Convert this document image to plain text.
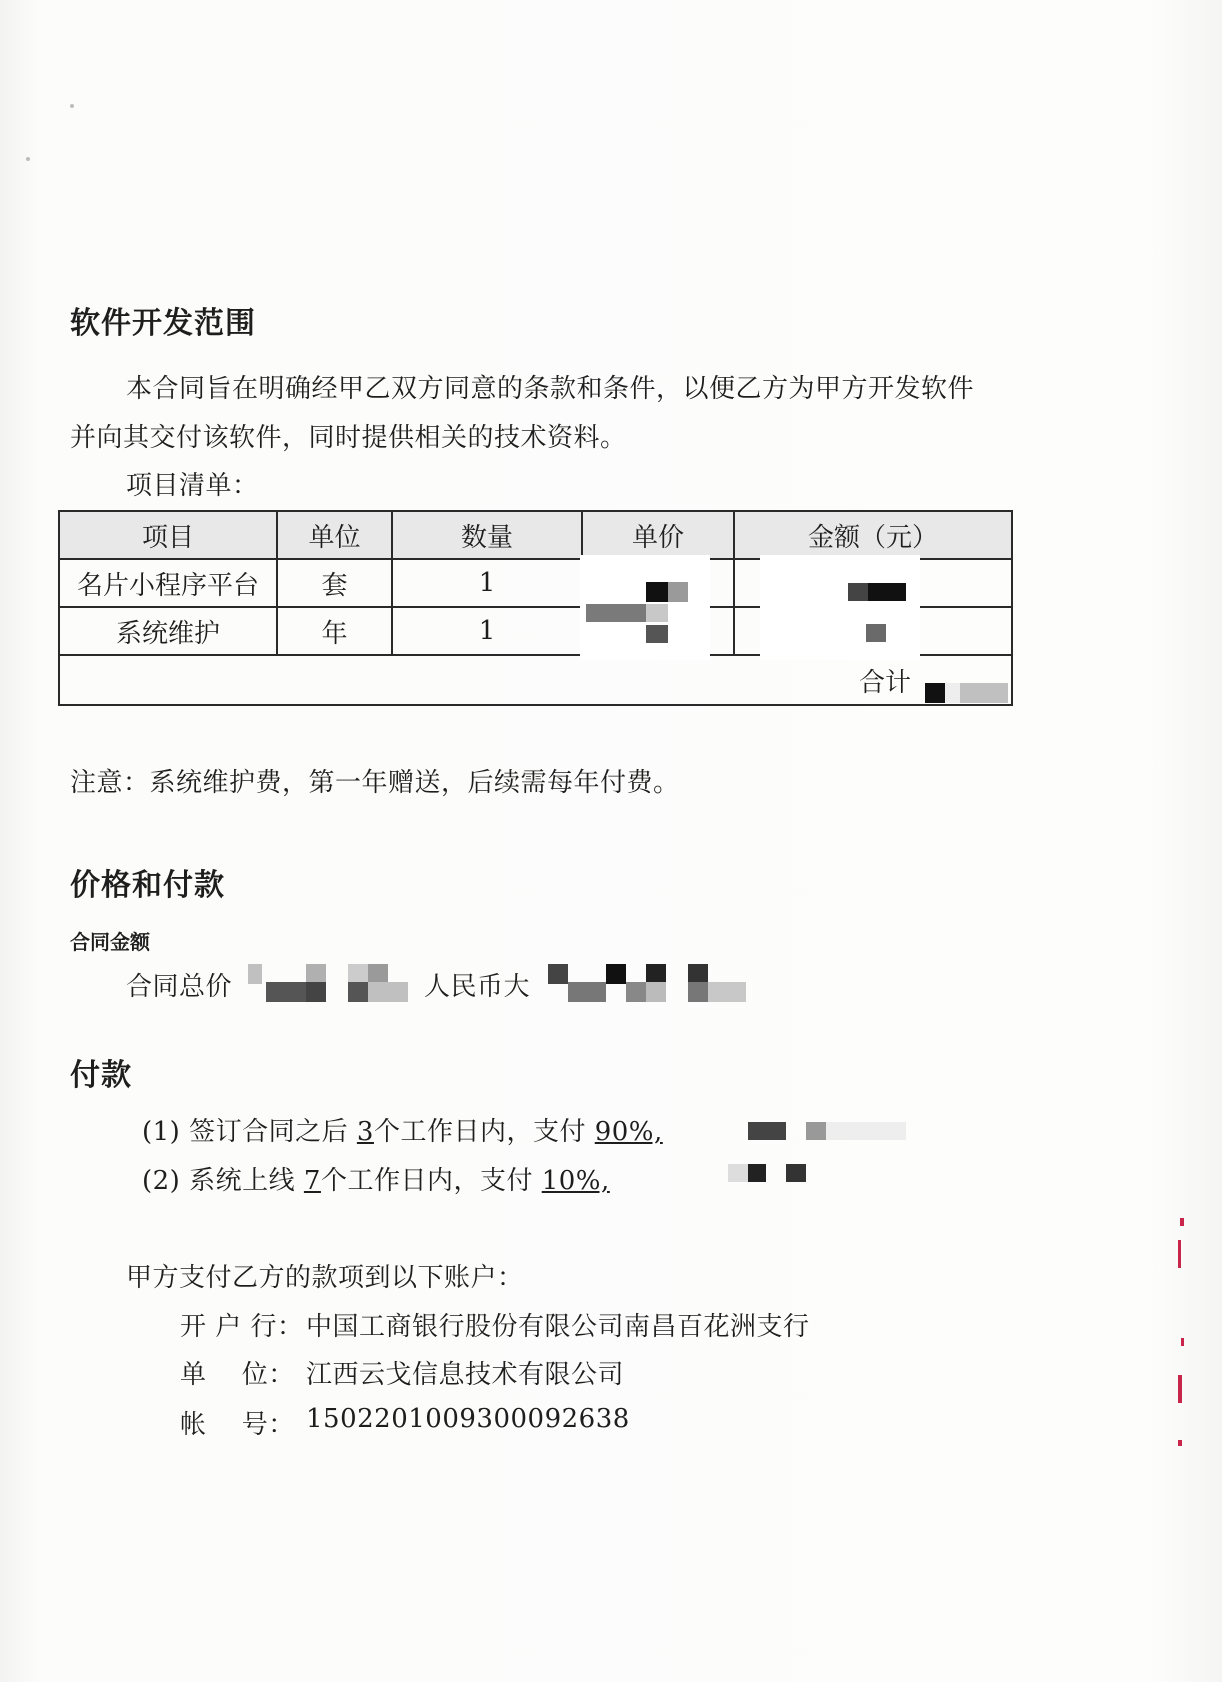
软件开发范围
本合同旨在明确经甲乙双方同意的条款和条件，以便乙方为甲方开发软件
并向其交付该软件，同时提供相关的技术资料。
项目清单：
项目	单位	数量	单价	金额（元）
名片小程序平台	套	1		
系统维护	年	1		
合计				
注意：系统维护费，第一年赠送，后续需每年付费。
价格和付款
合同金额
合同总价	人民币大
付款
(1) 签订合同之后 3个工作日内，支付 90%,
(2) 系统上线 7个工作日内，支付 10%,
甲方支付乙方的款项到以下账户：
开 户 行： 中国工商银行股份有限公司南昌百花洲支行
单　 位： 江西云戈信息技术有限公司
帐　 号： 1502201009300092638
